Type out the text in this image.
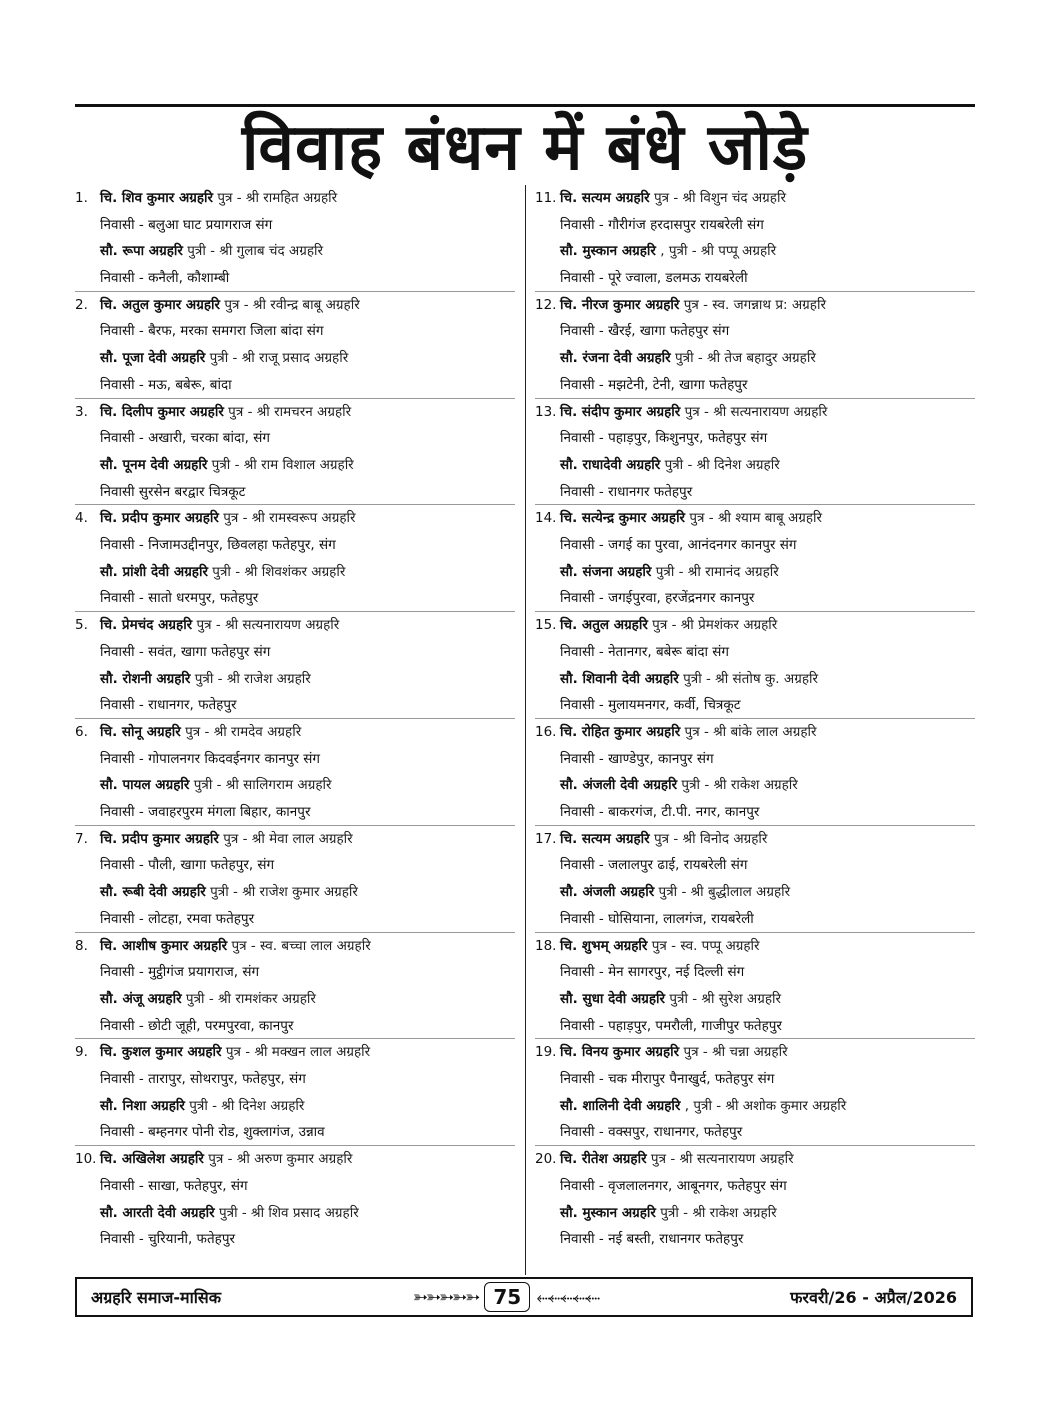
विवाह बंधन में बंधे जोड़े
1. चि. शिव कुमार अग्रहरि पुत्र - श्री रामहित अग्रहरि
निवासी - बलुआ घाट प्रयागराज संग
सौ. रूपा अग्रहरि पुत्री - श्री गुलाब चंद अग्रहरि
निवासी - कनैली, कौशाम्बी
2. चि. अतुल कुमार अग्रहरि पुत्र - श्री रवीन्द्र बाबू अग्रहरि
निवासी - बैरफ, मरका समगरा जिला बांदा संग
सौ. पूजा देवी अग्रहरि पुत्री - श्री राजू प्रसाद अग्रहरि
निवासी - मऊ, बबेरू, बांदा
3. चि. दिलीप कुमार अग्रहरि पुत्र - श्री रामचरन अग्रहरि
निवासी - अखारी, चरका बांदा, संग
सौ. पूनम देवी अग्रहरि पुत्री - श्री राम विशाल अग्रहरि
निवासी सुरसेन बरद्वार चित्रकूट
4. चि. प्रदीप कुमार अग्रहरि पुत्र - श्री रामस्वरूप अग्रहरि
निवासी - निजामउद्दीनपुर, छिवलहा फतेहपुर, संग
सौ. प्रांशी देवी अग्रहरि पुत्री - श्री शिवशंकर अग्रहरि
निवासी - सातो धरमपुर, फतेहपुर
5. चि. प्रेमचंद अग्रहरि पुत्र - श्री सत्यनारायण अग्रहरि
निवासी - सवंत, खागा फतेहपुर संग
सौ. रोशनी अग्रहरि पुत्री - श्री राजेश अग्रहरि
निवासी - राधानगर, फतेहपुर
6. चि. सोनू अग्रहरि पुत्र - श्री रामदेव अग्रहरि
निवासी - गोपालनगर किदवईनगर कानपुर संग
सौ. पायल अग्रहरि पुत्री - श्री सालिगराम अग्रहरि
निवासी - जवाहरपुरम मंगला बिहार, कानपुर
7. चि. प्रदीप कुमार अग्रहरि पुत्र - श्री मेवा लाल अग्रहरि
निवासी - पौली, खागा फतेहपुर, संग
सौ. रूबी देवी अग्रहरि पुत्री - श्री राजेश कुमार अग्रहरि
निवासी - लोटहा, रमवा फतेहपुर
8. चि. आशीष कुमार अग्रहरि पुत्र - स्व. बच्चा लाल अग्रहरि
निवासी - मुट्ठीगंज प्रयागराज, संग
सौ. अंजू अग्रहरि पुत्री - श्री रामशंकर अग्रहरि
निवासी - छोटी जूही, परमपुरवा, कानपुर
9. चि. कुशल कुमार अग्रहरि पुत्र - श्री मक्खन लाल अग्रहरि
निवासी - तारापुर, सोथरापुर, फतेहपुर, संग
सौ. निशा अग्रहरि पुत्री - श्री दिनेश अग्रहरि
निवासी - बम्हनगर पोनी रोड, शुक्लागंज, उन्नाव
10. चि. अखिलेश अग्रहरि पुत्र - श्री अरुण कुमार अग्रहरि
निवासी - साखा, फतेहपुर, संग
सौ. आरती देवी अग्रहरि पुत्री - श्री शिव प्रसाद अग्रहरि
निवासी - चुरियानी, फतेहपुर
11. चि. सत्यम अग्रहरि पुत्र - श्री विशुन चंद अग्रहरि
निवासी - गौरीगंज हरदासपुर रायबरेली संग
सौ. मुस्कान अग्रहरि , पुत्री - श्री पप्पू अग्रहरि
निवासी - पूरे ज्वाला, डलमऊ रायबरेली
12. चि. नीरज कुमार अग्रहरि पुत्र - स्व. जगन्नाथ प्र: अग्रहरि
निवासी - खैरई, खागा फतेहपुर संग
सौ. रंजना देवी अग्रहरि पुत्री - श्री तेज बहादुर अग्रहरि
निवासी - मझटेनी, टेनी, खागा फतेहपुर
13. चि. संदीप कुमार अग्रहरि पुत्र - श्री सत्यनारायण अग्रहरि
निवासी - पहाड़पुर, किशुनपुर, फतेहपुर संग
सौ. राधादेवी अग्रहरि पुत्री - श्री दिनेश अग्रहरि
निवासी - राधानगर फतेहपुर
14. चि. सत्येन्द्र कुमार अग्रहरि पुत्र - श्री श्याम बाबू अग्रहरि
निवासी - जगई का पुरवा, आनंदनगर कानपुर संग
सौ. संजना अग्रहरि पुत्री - श्री रामानंद अग्रहरि
निवासी - जगईपुरवा, हरजेंद्रनगर कानपुर
15. चि. अतुल अग्रहरि पुत्र - श्री प्रेमशंकर अग्रहरि
निवासी - नेतानगर, बबेरू बांदा संग
सौ. शिवानी देवी अग्रहरि पुत्री - श्री संतोष कु. अग्रहरि
निवासी - मुलायमनगर, कर्वी, चित्रकूट
16. चि. रोहित कुमार अग्रहरि पुत्र - श्री बांके लाल अग्रहरि
निवासी - खाण्डेपुर, कानपुर संग
सौ. अंजली देवी अग्रहरि पुत्री - श्री राकेश अग्रहरि
निवासी - बाकरगंज, टी.पी. नगर, कानपुर
17. चि. सत्यम अग्रहरि पुत्र - श्री विनोद अग्रहरि
निवासी - जलालपुर ढाई, रायबरेली संग
सौ. अंजली अग्रहरि पुत्री - श्री बुद्धीलाल अग्रहरि
निवासी - घोसियाना, लालगंज, रायबरेली
18. चि. शुभम् अग्रहरि पुत्र - स्व. पप्पू अग्रहरि
निवासी - मेन सागरपुर, नई दिल्ली संग
सौ. सुधा देवी अग्रहरि पुत्री - श्री सुरेश अग्रहरि
निवासी - पहाड़पुर, पमरौली, गाजीपुर फतेहपुर
19. चि. विनय कुमार अग्रहरि पुत्र - श्री चन्ना अग्रहरि
निवासी - चक मीरापुर पैनाखुर्द, फतेहपुर संग
सौ. शालिनी देवी अग्रहरि , पुत्री - श्री अशोक कुमार अग्रहरि
निवासी - वक्सपुर, राधानगर, फतेहपुर
20. चि. रीतेश अग्रहरि पुत्र - श्री सत्यनारायण अग्रहरि
निवासी - वृजलालनगर, आबूनगर, फतेहपुर संग
सौ. मुस्कान अग्रहरि पुत्री - श्री राकेश अग्रहरि
निवासी - नई बस्ती, राधानगर फतेहपुर
अग्रहरि समाज-मासिक	➳➳➳➳➳ 75 ⬸⬸⬸⬸⬸	फरवरी/26 - अप्रैल/2026
